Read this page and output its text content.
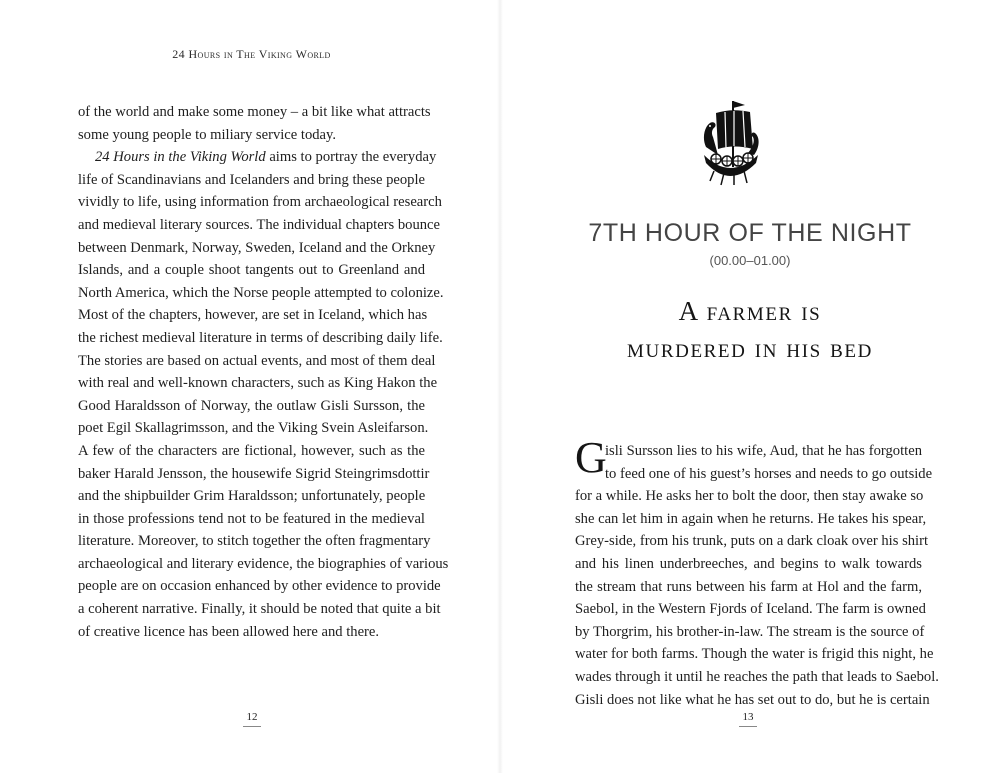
24 Hours in The Viking World
of the world and make some money – a bit like what attracts
some young people to miliary service today.
24 Hours in the Viking World aims to portray the everyday
life of Scandinavians and Icelanders and bring these people
vividly to life, using information from archaeological research
and medieval literary sources. The individual chapters bounce
between Denmark, Norway, Sweden, Iceland and the Orkney
Islands, and a couple shoot tangents out to Greenland and
North America, which the Norse people attempted to colonize.
Most of the chapters, however, are set in Iceland, which has
the richest medieval literature in terms of describing daily life.
The stories are based on actual events, and most of them deal
with real and well-known characters, such as King Hakon the
Good Haraldsson of Norway, the outlaw Gisli Sursson, the
poet Egil Skallagrimsson, and the Viking Svein Asleifarson.
A few of the characters are fictional, however, such as the
baker Harald Jensson, the housewife Sigrid Steingrimsdottir
and the shipbuilder Grim Haraldsson; unfortunately, people
in those professions tend not to be featured in the medieval
literature. Moreover, to stitch together the often fragmentary
archaeological and literary evidence, the biographies of various
people are on occasion enhanced by other evidence to provide
a coherent narrative. Finally, it should be noted that quite a bit
of creative licence has been allowed here and there.
12
7TH HOUR OF THE NIGHT
(00.00–01.00)
A farmer is
murdered in his bed
G
isli Sursson lies to his wife, Aud, that he has forgotten
to feed one of his guest’s horses and needs to go outside
for a while. He asks her to bolt the door, then stay awake so
she can let him in again when he returns. He takes his spear,
Grey-side, from his trunk, puts on a dark cloak over his shirt
and his linen underbreeches, and begins to walk towards
the stream that runs between his farm at Hol and the farm,
Saebol, in the Western Fjords of Iceland. The farm is owned
by Thorgrim, his brother-in-law. The stream is the source of
water for both farms. Though the water is frigid this night, he
wades through it until he reaches the path that leads to Saebol.
Gisli does not like what he has set out to do, but he is certain
13
